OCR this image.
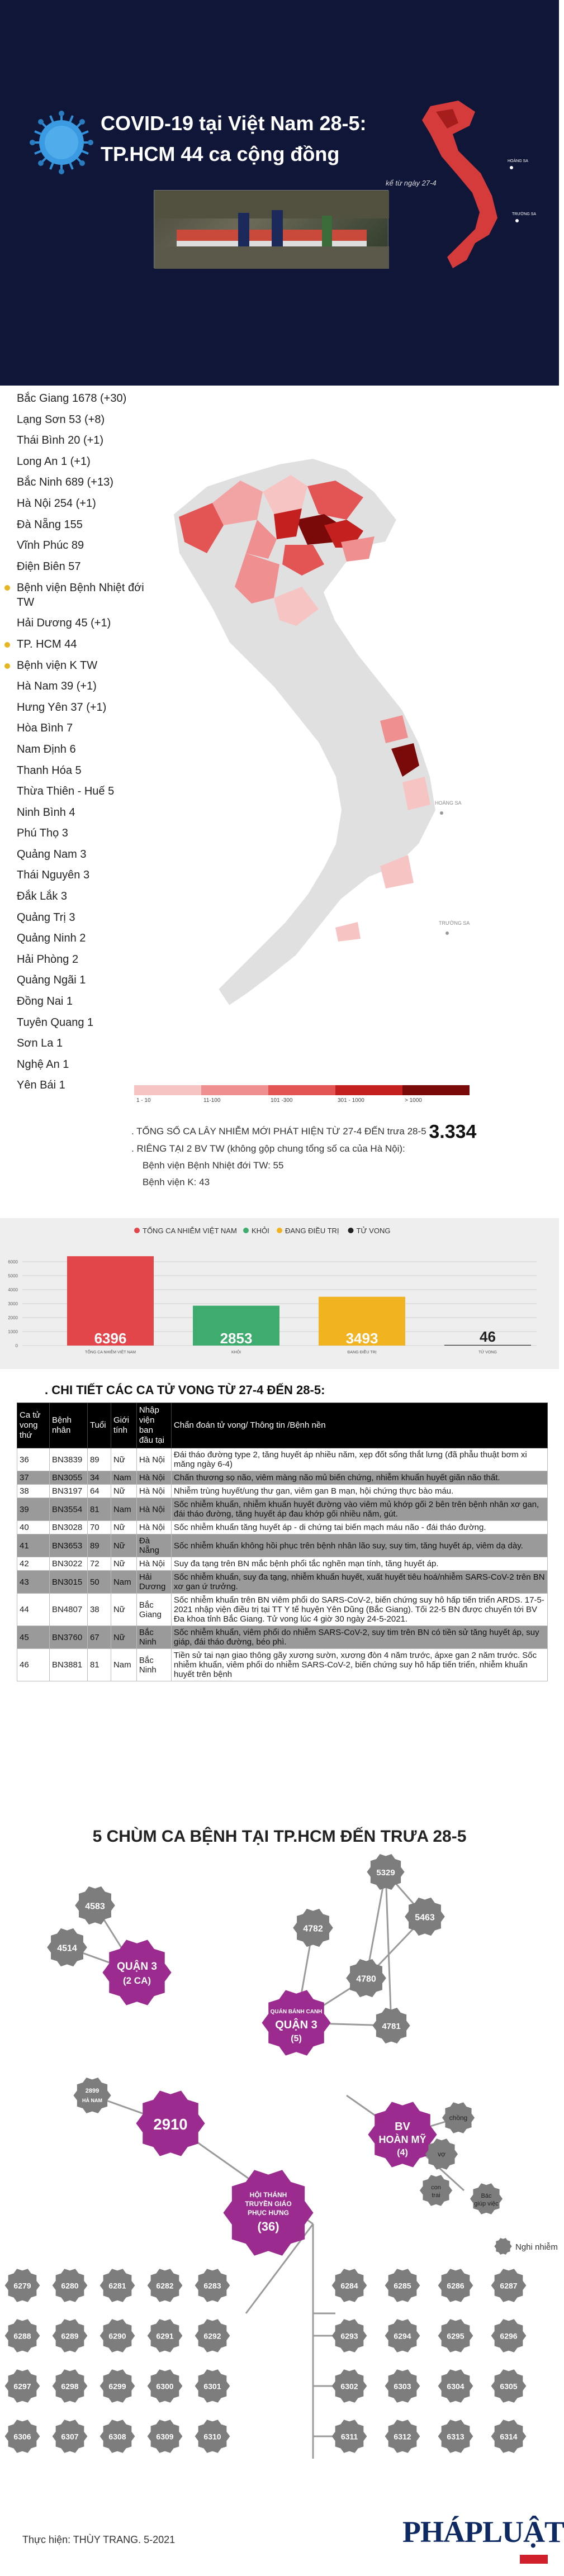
COVID-19 tại Việt Nam 28-5:
TP.HCM 44 ca cộng đồng
kể từ ngày 27-4
HOÀNG SA
TRƯỜNG SA
Bắc Giang 1678 (+30)
Lạng Sơn 53 (+8)
Thái Bình 20 (+1)
Long An 1 (+1)
Bắc Ninh 689 (+13)
Hà Nội 254 (+1)
Đà Nẵng 155
Vĩnh Phúc 89
Điện Biên 57
Bệnh viện Bệnh Nhiệt đới TW
Hải Dương 45 (+1)
TP. HCM 44
Bệnh viện K TW
Hà Nam 39 (+1)
Hưng Yên 37 (+1)
Hòa Bình 7
Nam Định 6
Thanh Hóa 5
Thừa Thiên - Huế 5
Ninh Bình 4
Phú Thọ 3
Quảng Nam 3
Thái Nguyên 3
Đắk Lắk 3
Quảng Trị 3
Quảng Ninh 2
Hải Phòng 2
Quảng Ngãi 1
Đồng Nai 1
Tuyên Quang 1
Sơn La 1
Nghệ An 1
Yên Bái 1
HOÀNG SA
TRƯỜNG SA
1 - 10	11-100	101 -300	301 - 1000	> 1000
. TỔNG SỐ CA LÂY NHIỄM MỚI PHÁT HIỆN TỪ 27-4 ĐẾN trưa 28-5 3.334
. RIÊNG TẠI 2 BV TW (không gộp chung tổng số ca của Hà Nội):
Bệnh viện Bệnh Nhiệt đới TW: 55
Bệnh viện K: 43
TỔNG CA NHIỄM VIỆT NAM KHỎI ĐANG ĐIỀU TRỊ TỬ VONG
0
1000
2000
3000
4000
5000
6000
6396
TỔNG CA NHIỄM VIỆT NAM
2853
KHỎI
3493
ĐANG ĐIỀU TRỊ
46
TỬ VONG
. CHI TIẾT CÁC CA TỬ VONG TỪ 27-4 ĐẾN 28-5:
Ca tử vong thứ	Bệnh nhân	Tuổi	Giới tính	Nhập viện ban đầu tại	Chẩn đoán tử vong/ Thông tin /Bệnh nền
36	BN3839	89	Nữ	Hà Nội	Đái tháo đường type 2, tăng huyết áp nhiều năm, xẹp đốt sống thắt lưng (đã phẫu thuật bơm xi măng ngày 6-4)
37	BN3055	34	Nam	Hà Nội	Chấn thương sọ não, viêm màng não mủ biến chứng, nhiễm khuẩn huyết giãn não thất.
38	BN3197	64	Nữ	Hà Nội	Nhiễm trùng huyết/ung thư gan, viêm gan B mạn, hội chứng thực bào máu.
39	BN3554	81	Nam	Hà Nội	Sốc nhiễm khuẩn, nhiễm khuẩn huyết đường vào viêm mủ khớp gối 2 bên trên bệnh nhân xơ gan, đái tháo đường, tăng huyết áp đau khớp gối nhiều năm, gút.
40	BN3028	70	Nữ	Hà Nội	Sốc nhiễm khuẩn tăng huyết áp - di chứng tai biến mạch máu não - đái tháo đường.
41	BN3653	89	Nữ	Đà Nẵng	Sốc nhiễm khuẩn không hồi phục trên bệnh nhân lão suy, suy tim, tăng huyết áp, viêm dạ dày.
42	BN3022	72	Nữ	Hà Nội	Suy đa tạng trên BN mắc bệnh phổi tắc nghẽn mạn tính, tăng huyết áp.
43	BN3015	50	Nam	Hải Dương	Sốc nhiễm khuẩn, suy đa tạng, nhiễm khuẩn huyết, xuất huyết tiêu hoá/nhiễm SARS-CoV-2 trên BN xơ gan ứ trưởng.
44	BN4807	38	Nữ	Bắc Giang	Sốc nhiễm khuẩn trên BN viêm phổi do SARS-CoV-2, biến chứng suy hô hấp tiến triển ARDS. 17-5-2021 nhập viện điều trị tại TT Y tế huyện Yên Dũng (Bắc Giang). Tối 22-5 BN được chuyển tới BV Đa khoa tỉnh Bắc Giang. Tử vong lúc 4 giờ 30 ngày 24-5-2021.
45	BN3760	67	Nữ	Bắc Ninh	Sốc nhiễm khuẩn, viêm phổi do nhiễm SARS-CoV-2, suy tim trên BN có tiền sử tăng huyết áp, suy giáp, đái tháo đường, béo phì.
46	BN3881	81	Nam	Bắc Ninh	Tiền sử tai nạn giao thông gãy xương sườn, xương đòn 4 năm trước, ápxe gan 2 năm trước. Sốc nhiễm khuẩn, viêm phổi do nhiễm SARS-CoV-2, biến chứng suy hô hấp tiến triển, nhiễm khuẩn huyết trên bệnh
5 CHÙM CA BỆNH TẠI TP.HCM ĐẾN TRƯA 28-5
4583
4514
QUẬN 3
(2 CA)
4782
4780
4781
5329
5463
QUÁN BÁNH CANH
QUẬN 3
(5)
2899
HÀ NAM
2910	BV
HOÀN MỸ
(4)
chồng
vợ
con
trai	Bác
giúp việc
HỘI THÁNH
TRUYỀN GIÁO
PHỤC HƯNG
(36)
Nghi nhiễm
6279	6280	6281	6282	6283
6288	6289	6290	6291	6292
6297	6298	6299	6300	6301
6306	6307	6308	6309	6310
6284	6285	6286	6287
6293	6294	6295	6296
6302	6303	6304	6305
6311	6312	6313	6314
Thực hiện: THÙY TRANG. 5-2021	PHÁPLUẬT
